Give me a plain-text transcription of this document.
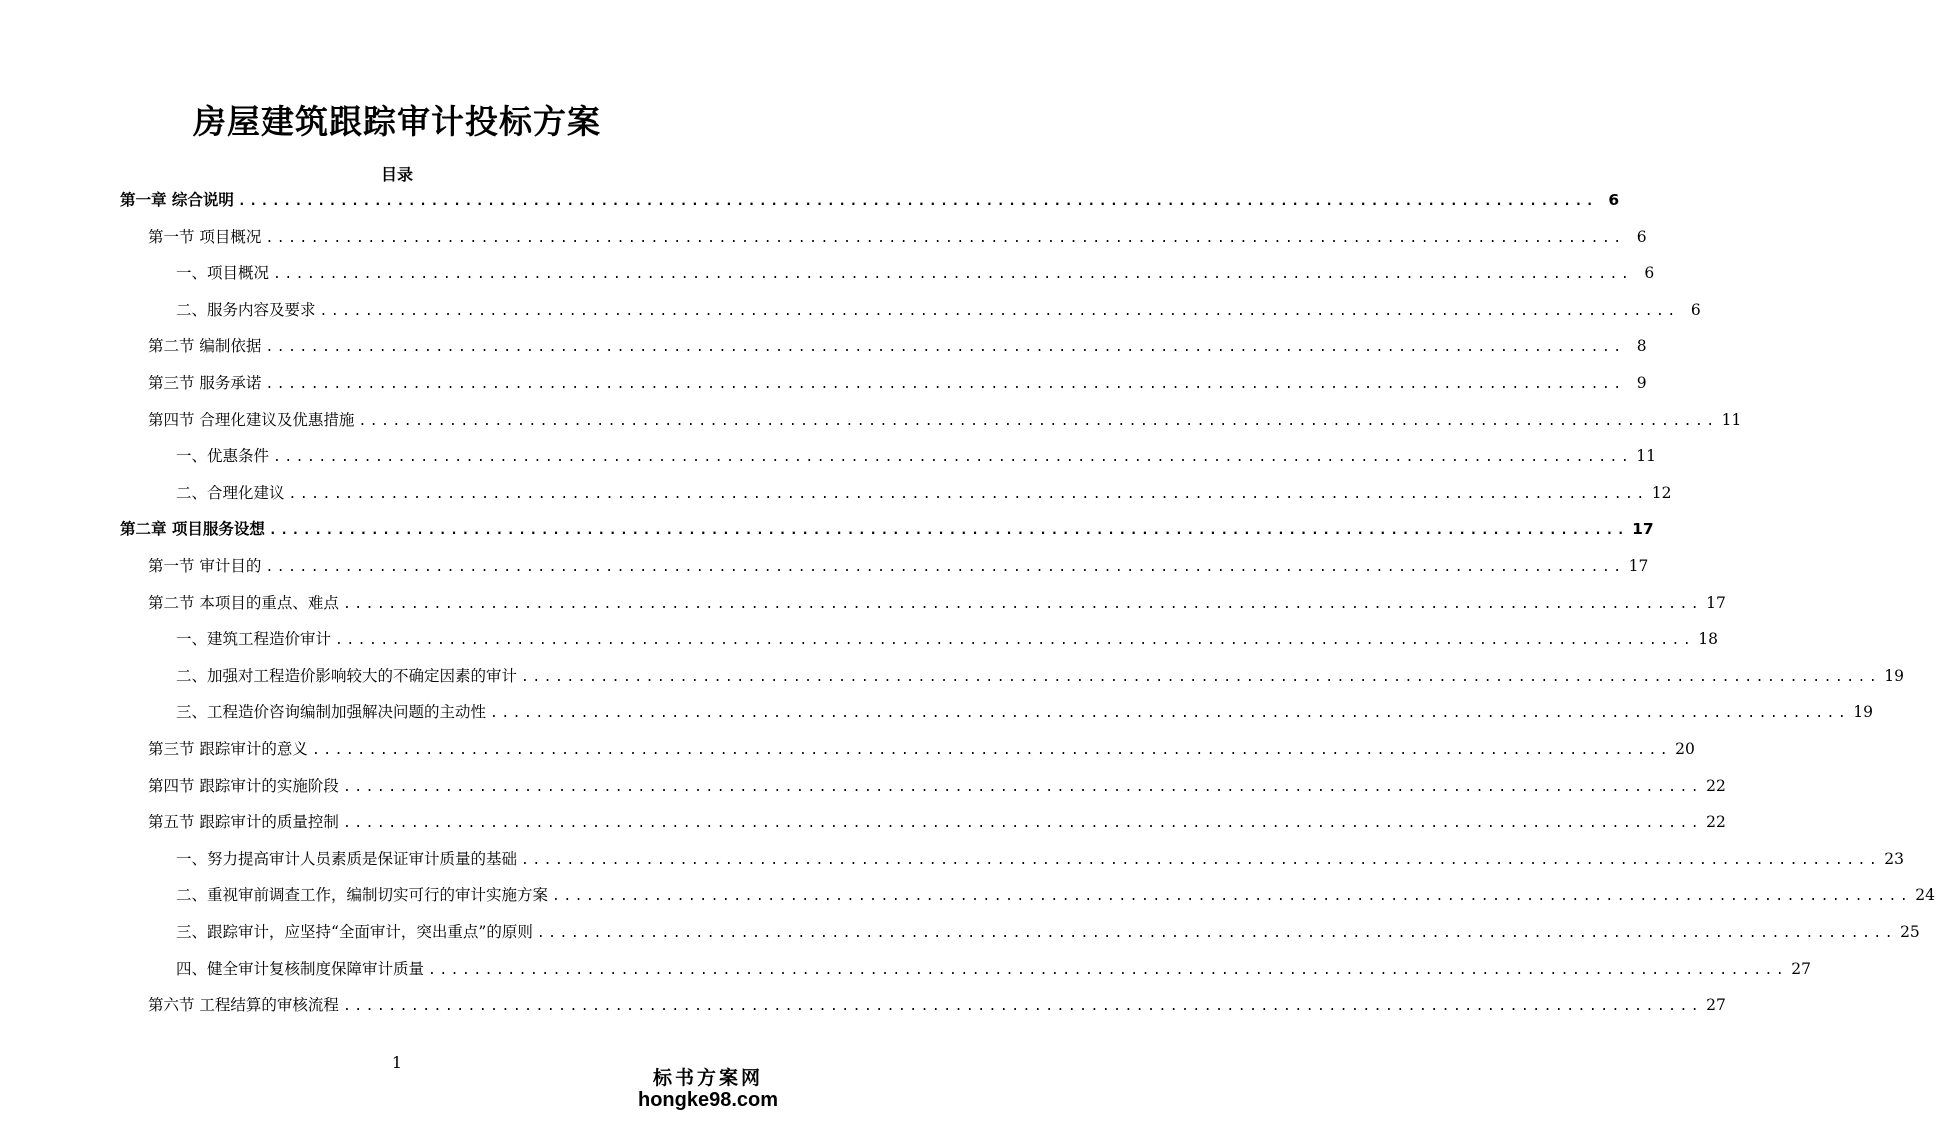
房屋建筑跟踪审计投标方案
目录
第一章 综合说明 ........................................................................................................................ 6
第一节 项目概况 ........................................................................................................................ 6
一、项目概况 ........................................................................................................................ 6
二、服务内容及要求 ........................................................................................................................ 6
第二节 编制依据 ........................................................................................................................ 8
第三节 服务承诺 ........................................................................................................................ 9
第四节 合理化建议及优惠措施 ........................................................................................................................ 11
一、优惠条件 ........................................................................................................................ 11
二、合理化建议 ........................................................................................................................ 12
第二章 项目服务设想 ........................................................................................................................ 17
第一节 审计目的 ........................................................................................................................ 17
第二节 本项目的重点、难点 ........................................................................................................................ 17
一、建筑工程造价审计 ........................................................................................................................ 18
二、加强对工程造价影响较大的不确定因素的审计 ........................................................................................................................ 19
三、工程造价咨询编制加强解决问题的主动性 ........................................................................................................................ 19
第三节 跟踪审计的意义 ........................................................................................................................ 20
第四节 跟踪审计的实施阶段 ........................................................................................................................ 22
第五节 跟踪审计的质量控制 ........................................................................................................................ 22
一、努力提高审计人员素质是保证审计质量的基础 ........................................................................................................................ 23
二、重视审前调查工作，编制切实可行的审计实施方案 ........................................................................................................................ 24
三、跟踪审计，应坚持“全面审计，突出重点”的原则 ........................................................................................................................ 25
四、健全审计复核制度保障审计质量 ........................................................................................................................ 27
第六节 工程结算的审核流程 ........................................................................................................................ 27
1
标书方案网
hongke98.com
